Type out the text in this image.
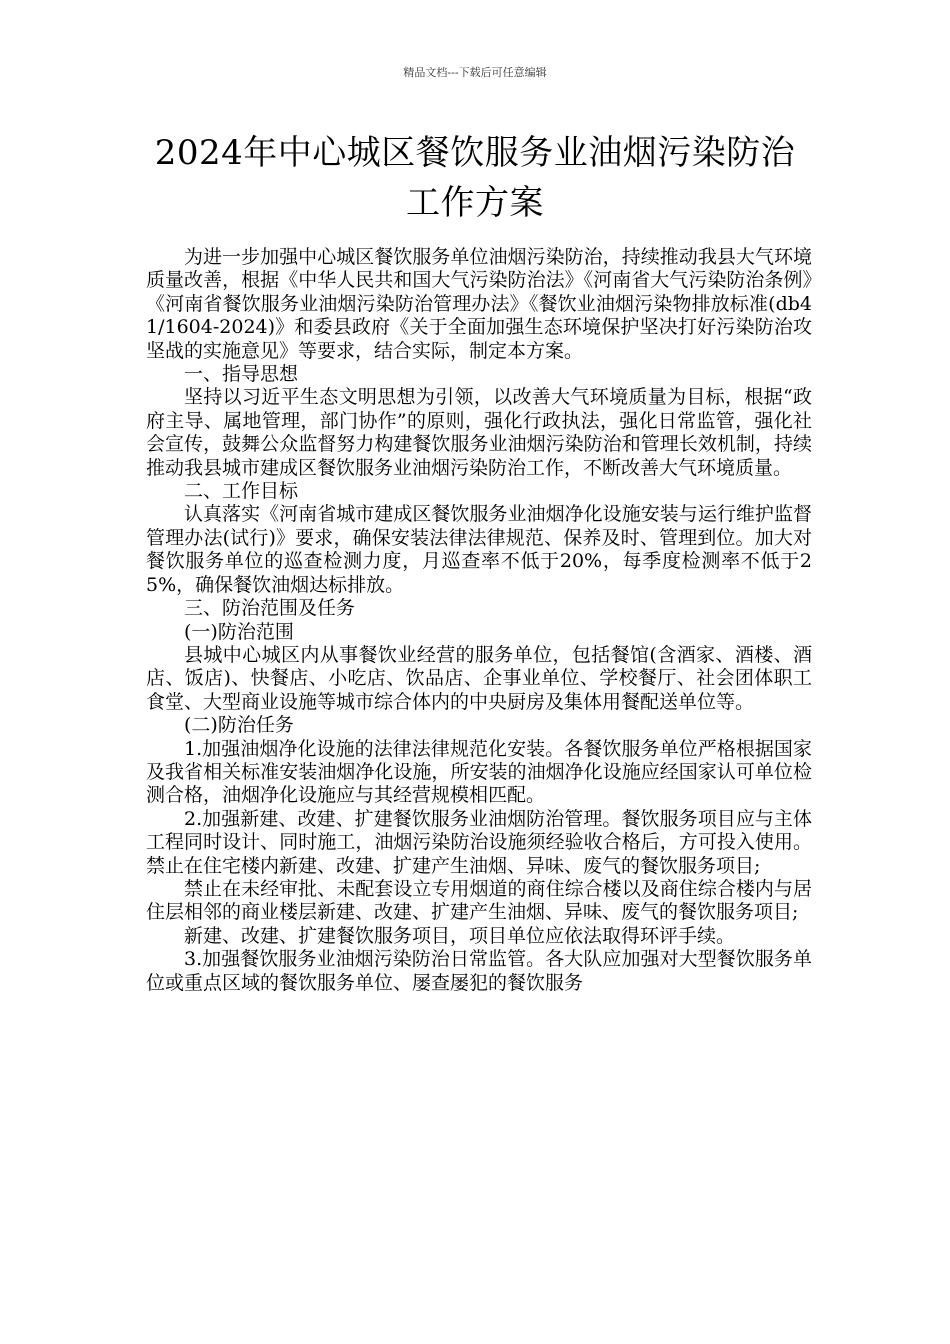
精品文档---下载后可任意编辑
2024年中心城区餐饮服务业油烟污染防治
工作方案

为进一步加强中心城区餐饮服务单位油烟污染防治，持续推动我县大气环境质量改善，根据《中华人民共和国大气污染防治法》《河南省大气污染防治条例》《河南省餐饮服务业油烟污染防治管理办法》《餐饮业油烟污染物排放标准(db41/1604-2024)》和委县政府《关于全面加强生态环境保护坚决打好污染防治攻坚战的实施意见》等要求，结合实际，制定本方案。

一、指导思想

坚持以习近平生态文明思想为引领，以改善大气环境质量为目标，根据“政府主导、属地管理，部门协作”的原则，强化行政执法，强化日常监管，强化社会宣传，鼓舞公众监督努力构建餐饮服务业油烟污染防治和管理长效机制，持续推动我县城市建成区餐饮服务业油烟污染防治工作，不断改善大气环境质量。

二、工作目标

认真落实《河南省城市建成区餐饮服务业油烟净化设施安装与运行维护监督管理办法(试行)》要求，确保安装法律法律规范、保养及时、管理到位。加大对餐饮服务单位的巡查检测力度，月巡查率不低于20%，每季度检测率不低于25%，确保餐饮油烟达标排放。

三、防治范围及任务

(一)防治范围

县城中心城区内从事餐饮业经营的服务单位，包括餐馆(含酒家、酒楼、酒店、饭店)、快餐店、小吃店、饮品店、企事业单位、学校餐厅、社会团体职工食堂、大型商业设施等城市综合体内的中央厨房及集体用餐配送单位等。

(二)防治任务

1.加强油烟净化设施的法律法律规范化安装。各餐饮服务单位严格根据国家及我省相关标准安装油烟净化设施，所安装的油烟净化设施应经国家认可单位检测合格，油烟净化设施应与其经营规模相匹配。

2.加强新建、改建、扩建餐饮服务业油烟防治管理。餐饮服务项目应与主体工程同时设计、同时施工，油烟污染防治设施须经验收合格后，方可投入使用。禁止在住宅楼内新建、改建、扩建产生油烟、异味、废气的餐饮服务项目;

禁止在未经审批、未配套设立专用烟道的商住综合楼以及商住综合楼内与居住层相邻的商业楼层新建、改建、扩建产生油烟、异味、废气的餐饮服务项目;

新建、改建、扩建餐饮服务项目，项目单位应依法取得环评手续。

3.加强餐饮服务业油烟污染防治日常监管。各大队应加强对大型餐饮服务单位或重点区域的餐饮服务单位、屡查屡犯的餐饮服务
